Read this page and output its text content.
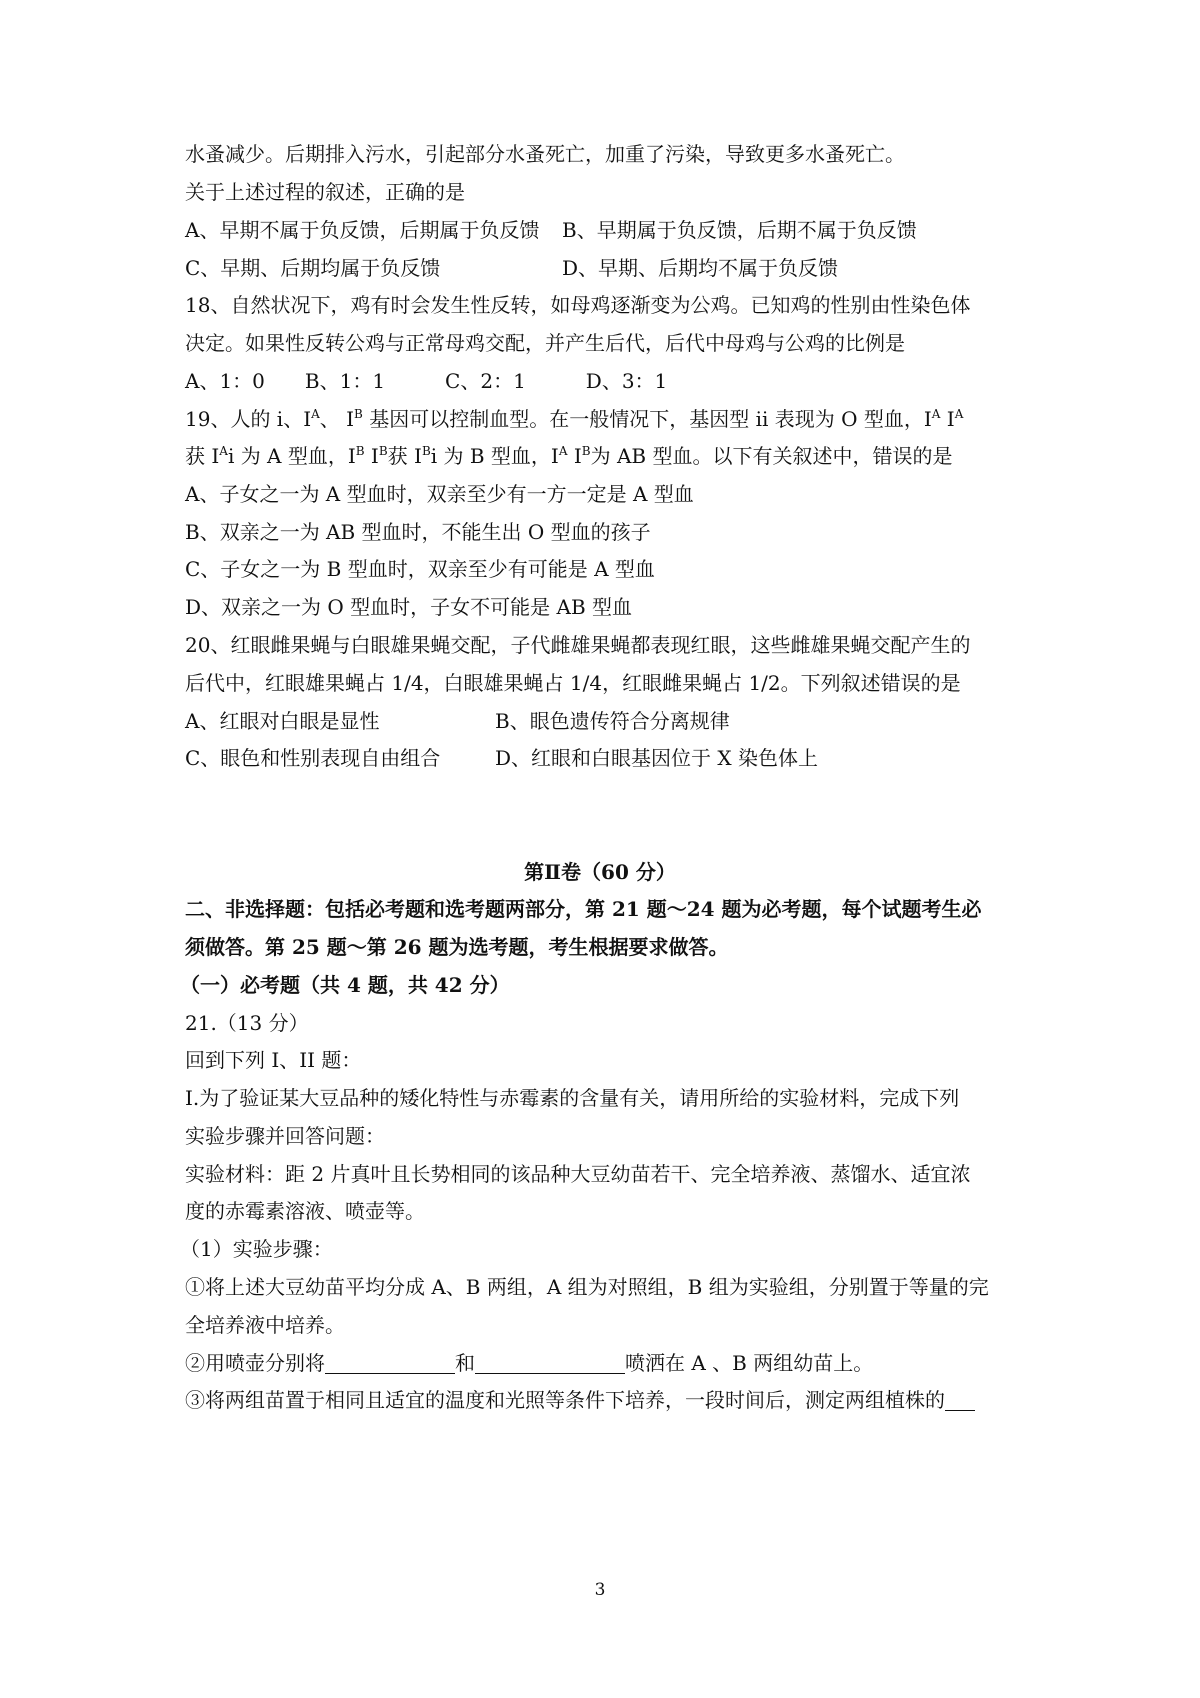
水蚤减少。后期排入污水，引起部分水蚤死亡，加重了污染，导致更多水蚤死亡。
关于上述过程的叙述，正确的是
A、早期不属于负反馈，后期属于负反馈 B、早期属于负反馈，后期不属于负反馈
C、早期、后期均属于负反馈	D、早期、后期均不属于负反馈
18、自然状况下，鸡有时会发生性反转，如母鸡逐渐变为公鸡。已知鸡的性别由性染色体
决定。如果性反转公鸡与正常母鸡交配，并产生后代，后代中母鸡与公鸡的比例是
A、1：0　　B、1：1　　　C、2：1　　　D、3：1
19、人的 i、$I^A$、 $I^B$ 基因可以控制血型。在一般情况下，基因型 ii 表现为 O 型血，$I^A$ $I^A$
获 $I^Ai$ 为 A 型血，$I^B$ $I^B$获 $I^Bi$ 为 B 型血，$I^A$ $I^B$为 AB 型血。以下有关叙述中，错误的是
A、子女之一为 A 型血时，双亲至少有一方一定是 A 型血
B、双亲之一为 AB 型血时，不能生出 O 型血的孩子
C、子女之一为 B 型血时，双亲至少有可能是 A 型血
D、双亲之一为 O 型血时，子女不可能是 AB 型血
20、红眼雌果蝇与白眼雄果蝇交配，子代雌雄果蝇都表现红眼，这些雌雄果蝇交配产生的
后代中，红眼雄果蝇占 1/4，白眼雄果蝇占 1/4，红眼雌果蝇占 1/2。下列叙述错误的是
A、红眼对白眼是显性	B、眼色遗传符合分离规律
C、眼色和性别表现自由组合	D、红眼和白眼基因位于 X 染色体上
第Ⅱ卷（60 分）
二、非选择题：包括必考题和选考题两部分，第 21 题～24 题为必考题，每个试题考生必
须做答。第 25 题～第 26 题为选考题，考生根据要求做答。
（一）必考题（共 4 题，共 42 分）
21.（13 分）
回到下列 I、II 题：
I.为了验证某大豆品种的矮化特性与赤霉素的含量有关，请用所给的实验材料，完成下列
实验步骤并回答问题：
实验材料：距 2 片真叶且长势相同的该品种大豆幼苗若干、完全培养液、蒸馏水、适宜浓
度的赤霉素溶液、喷壶等。
（1）实验步骤：
①将上述大豆幼苗平均分成 A、B 两组，A 组为对照组，B 组为实验组，分别置于等量的完
全培养液中培养。
②用喷壶分别将	和	喷洒在 A 、B 两组幼苗上。
③将两组苗置于相同且适宜的温度和光照等条件下培养，一段时间后，测定两组植株的
3
